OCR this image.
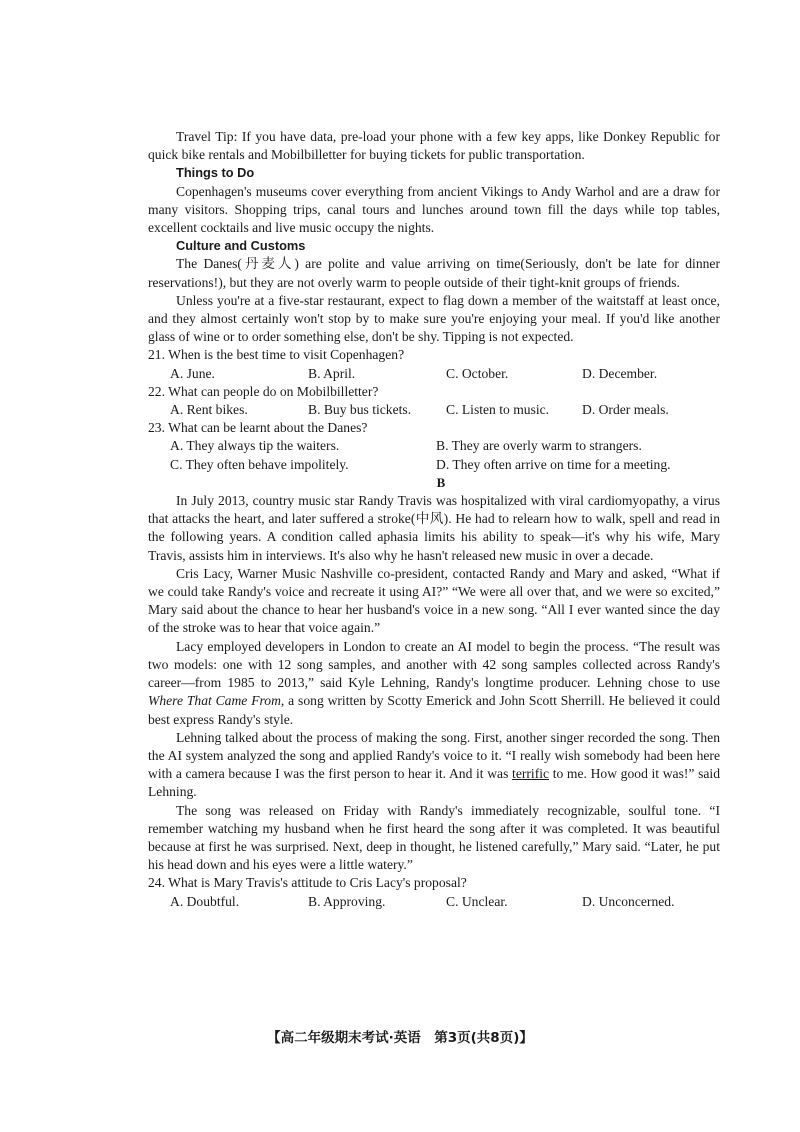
Travel Tip: If you have data, pre-load your phone with a few key apps, like Donkey Republic for quick bike rentals and Mobilbilletter for buying tickets for public transportation.

Things to Do

Copenhagen's museums cover everything from ancient Vikings to Andy Warhol and are a draw for many visitors. Shopping trips, canal tours and lunches around town fill the days while top tables, excellent cocktails and live music occupy the nights.

Culture and Customs

The Danes(丹麦人) are polite and value arriving on time(Seriously, don't be late for dinner reservations!), but they are not overly warm to people outside of their tight-knit groups of friends.

Unless you're at a five-star restaurant, expect to flag down a member of the waitstaff at least once, and they almost certainly won't stop by to make sure you're enjoying your meal. If you'd like another glass of wine or to order something else, don't be shy. Tipping is not expected.

21. When is the best time to visit Copenhagen?

A. June.	B. April.	C. October.	D. December.

22. What can people do on Mobilbilletter?

A. Rent bikes.	B. Buy bus tickets.	C. Listen to music.	D. Order meals.

23. What can be learnt about the Danes?

A. They always tip the waiters.	B. They are overly warm to strangers.
C. They often behave impolitely.	D. They often arrive on time for a meeting.

B

In July 2013, country music star Randy Travis was hospitalized with viral cardiomyopathy, a virus that attacks the heart, and later suffered a stroke(中风). He had to relearn how to walk, spell and read in the following years. A condition called aphasia limits his ability to speak—it's why his wife, Mary Travis, assists him in interviews. It's also why he hasn't released new music in over a decade.

Cris Lacy, Warner Music Nashville co-president, contacted Randy and Mary and asked, “What if we could take Randy's voice and recreate it using AI?” “We were all over that, and we were so excited,” Mary said about the chance to hear her husband's voice in a new song. “All I ever wanted since the day of the stroke was to hear that voice again.”

Lacy employed developers in London to create an AI model to begin the process. “The result was two models: one with 12 song samples, and another with 42 song samples collected across Randy's career—from 1985 to 2013,” said Kyle Lehning, Randy's longtime producer. Lehning chose to use Where That Came From, a song written by Scotty Emerick and John Scott Sherrill. He believed it could best express Randy's style.

Lehning talked about the process of making the song. First, another singer recorded the song. Then the AI system analyzed the song and applied Randy's voice to it. “I really wish somebody had been here with a camera because I was the first person to hear it. And it was terrific to me. How good it was!” said Lehning.

The song was released on Friday with Randy's immediately recognizable, soulful tone. “I remember watching my husband when he first heard the song after it was completed. It was beautiful because at first he was surprised. Next, deep in thought, he listened carefully,” Mary said. “Later, he put his head down and his eyes were a little watery.”

24. What is Mary Travis's attitude to Cris Lacy's proposal?

A. Doubtful.	B. Approving.	C. Unclear.	D. Unconcerned.
【高二年级期末考试·英语　第3页(共8页)】
